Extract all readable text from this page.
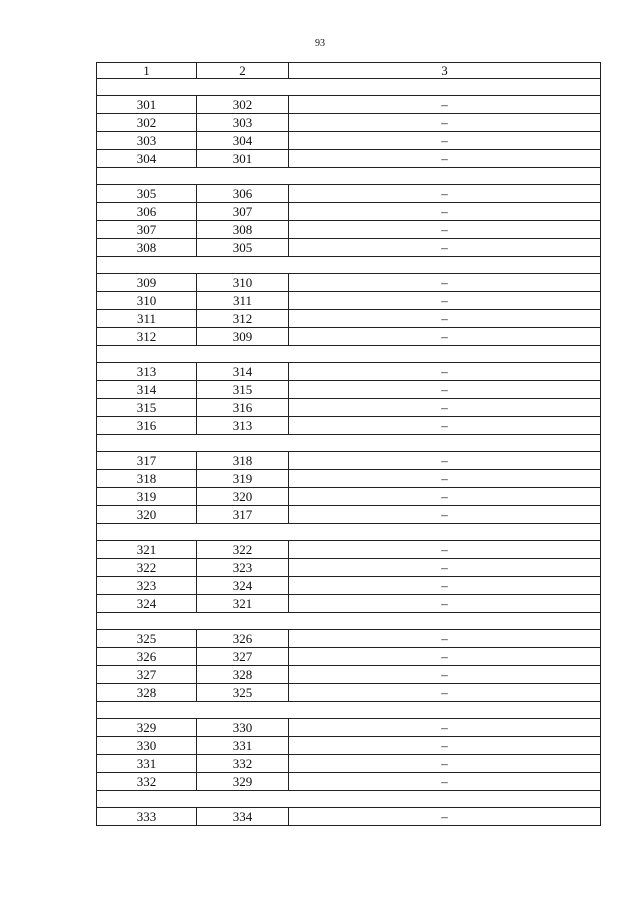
93
1	2	3

301	302	–
302	303	–
303	304	–
304	301	–

305	306	–
306	307	–
307	308	–
308	305	–

309	310	–
310	311	–
311	312	–
312	309	–

313	314	–
314	315	–
315	316	–
316	313	–

317	318	–
318	319	–
319	320	–
320	317	–

321	322	–
322	323	–
323	324	–
324	321	–

325	326	–
326	327	–
327	328	–
328	325	–

329	330	–
330	331	–
331	332	–
332	329	–

333	334	–
